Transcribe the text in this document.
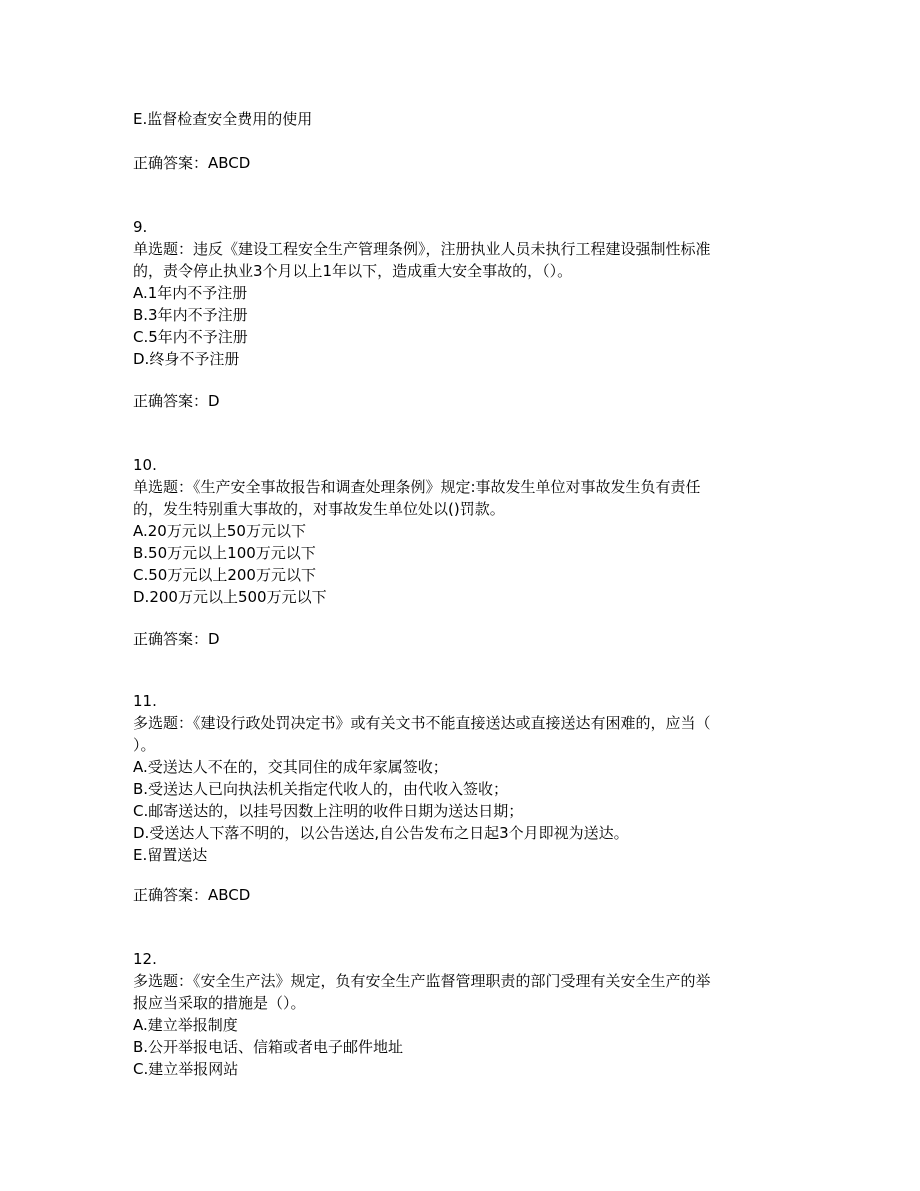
E.监督检查安全费用的使用
正确答案：ABCD
9.
单选题：违反《建设工程安全生产管理条例》，注册执业人员未执行工程建设强制性标准
的，责令停止执业3个月以上1年以下，造成重大安全事故的，（）。
A.1年内不予注册
B.3年内不予注册
C.5年内不予注册
D.终身不予注册
正确答案：D
10.
单选题：《生产安全事故报告和调查处理条例》规定:事故发生单位对事故发生负有责任
的，发生特别重大事故的，对事故发生单位处以()罚款。
A.20万元以上50万元以下
B.50万元以上100万元以下
C.50万元以上200万元以下
D.200万元以上500万元以下
正确答案：D
11.
多选题：《建设行政处罚决定书》或有关文书不能直接送达或直接送达有困难的，应当（
）。
A.受送达人不在的，交其同住的成年家属签收；
B.受送达人已向执法机关指定代收人的，由代收入签收；
C.邮寄送达的，以挂号因数上注明的收件日期为送达日期；
D.受送达人下落不明的，以公告送达,自公告发布之日起3个月即视为送达。
E.留置送达
正确答案：ABCD
12.
多选题：《安全生产法》规定，负有安全生产监督管理职责的部门受理有关安全生产的举
报应当采取的措施是（）。
A.建立举报制度
B.公开举报电话、信箱或者电子邮件地址
C.建立举报网站
